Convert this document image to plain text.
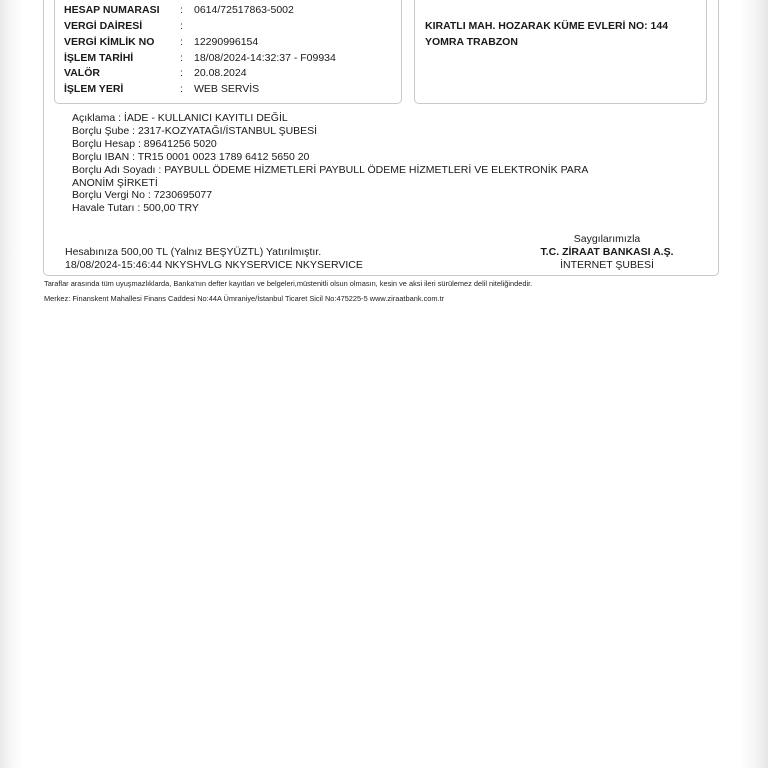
HESAP NUMARASI : 0614/72517863-5002
VERGİ DAİRESİ	:
VERGİ KİMLİK NO : 12290996154
İŞLEM TARİHİ	: 18/08/2024-14:32:37 - F09934
VALÖR	: 20.08.2024
İŞLEM YERİ	: WEB SERVİS
KIRATLI MAH. HOZARAK KÜME EVLERİ NO: 144
YOMRA TRABZON
Açıklama : İADE - KULLANICI KAYITLI DEĞİL
Borçlu Şube : 2317-KOZYATAĞI/İSTANBUL ŞUBESİ
Borçlu Hesap : 89641256 5020
Borçlu IBAN : TR15 0001 0023 1789 6412 5650 20
Borçlu Adı Soyadı : PAYBULL ÖDEME HİZMETLERİ PAYBULL ÖDEME HİZMETLERİ VE ELEKTRONİK PARA
ANONİM ŞİRKETİ
Borçlu Vergi No : 7230695077
Havale Tutarı : 500,00 TRY
Hesabınıza 500,00 TL (Yalnız BEŞYÜZTL) Yatırılmıştır.
18/08/2024-15:46:44 NKYSHVLG NKYSERVICE NKYSERVICE
Saygılarımızla
T.C. ZİRAAT BANKASI A.Ş.
İNTERNET ŞUBESİ
Taraflar arasında tüm uyuşmazlıklarda, Banka'nın defter kayıtları ve belgeleri,müstenitli olsun olmasın, kesin ve aksi ileri sürülemez delil niteliğindedir.
Merkez: Finanskent Mahallesi Finans Caddesi No:44A Ümraniye/İstanbul Ticaret Sicil No:475225-5 www.ziraatbank.com.tr
